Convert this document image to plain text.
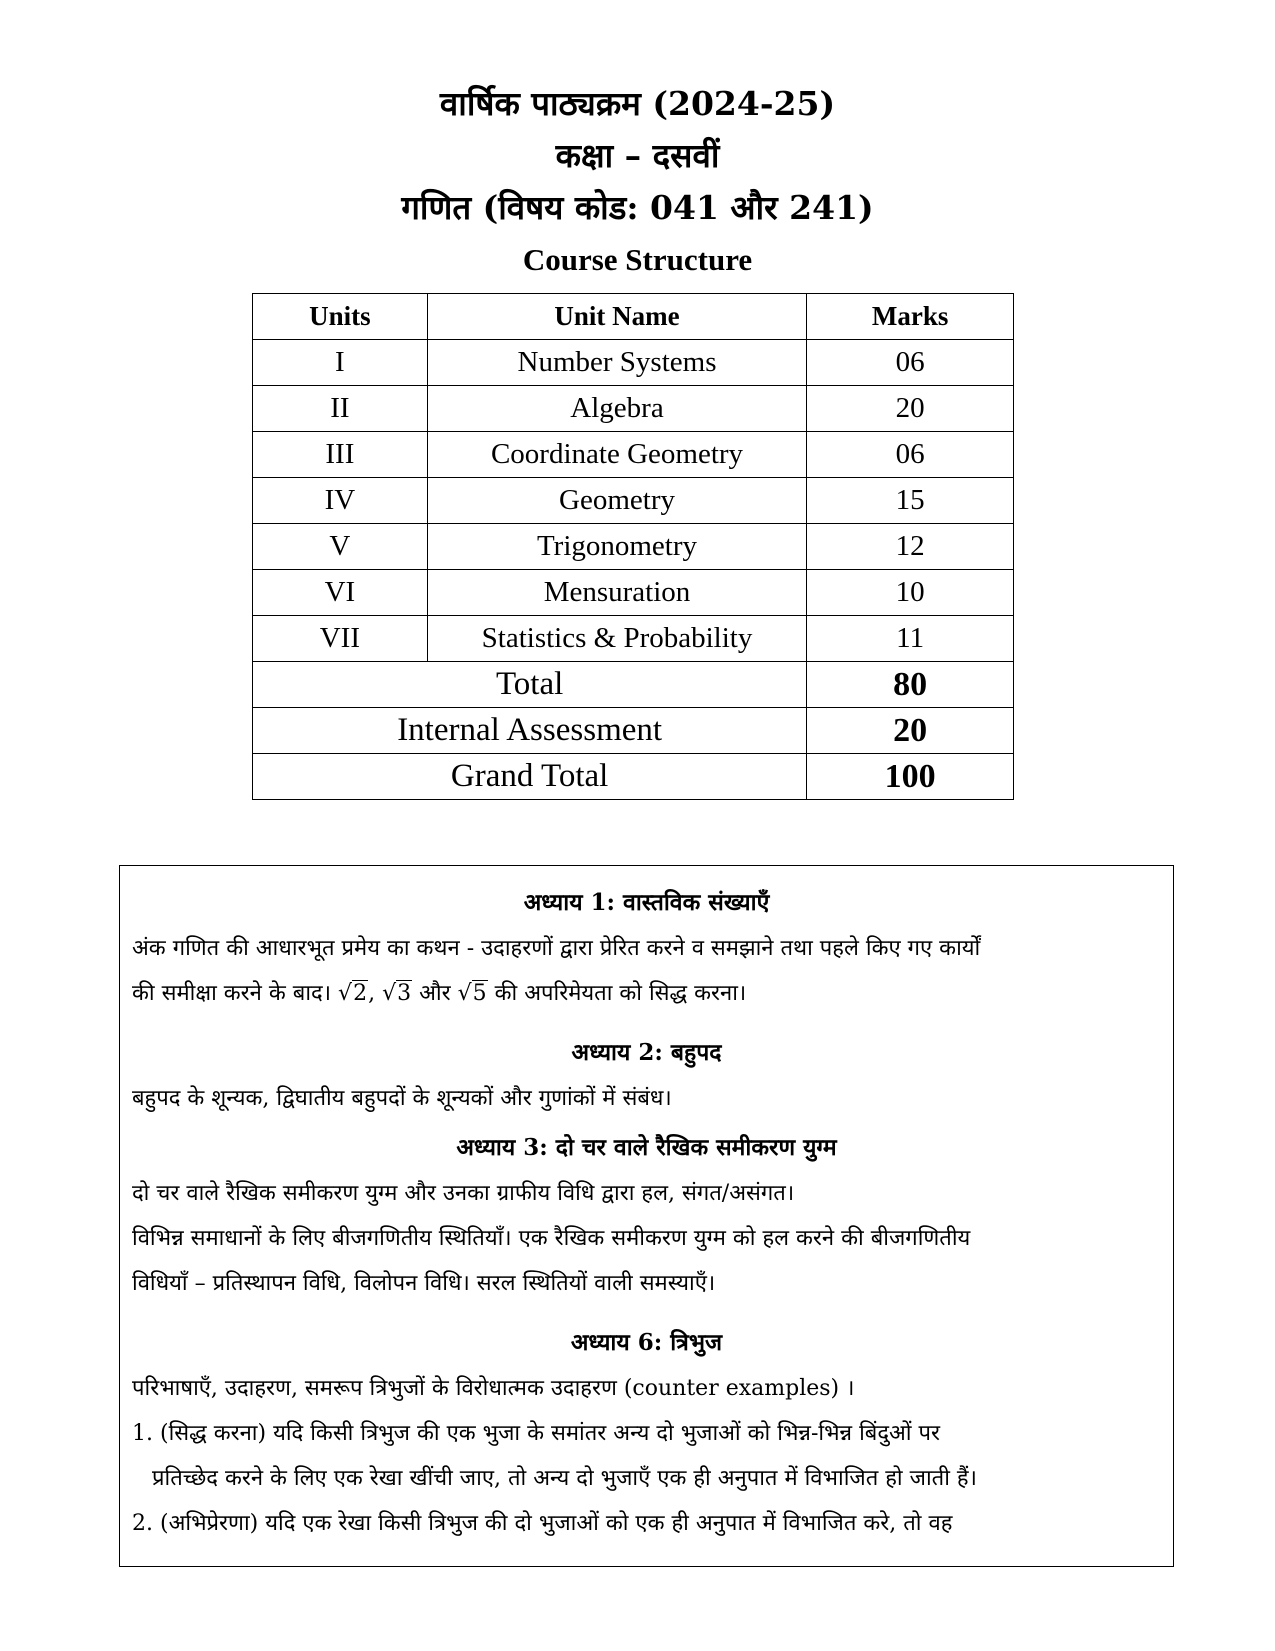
वार्षिक पाठ्यक्रम (2024-25)
कक्षा – दसवीं
गणित (विषय कोड: 041 और 241)
Course Structure
Units	Unit Name	Marks
I	Number Systems	06
II	Algebra	20
III	Coordinate Geometry	06
IV	Geometry	15
V	Trigonometry	12
VI	Mensuration	10
VII	Statistics & Probability	11
Total		80
Internal Assessment		20
Grand Total		100
अध्याय 1: वास्तविक संख्याएँ
अंक गणित की आधारभूत प्रमेय का कथन - उदाहरणों द्वारा प्रेरित करने व समझाने तथा पहले किए गए कार्यों
की समीक्षा करने के बाद। √2, √3 और √5 की अपरिमेयता को सिद्ध करना।
अध्याय 2: बहुपद
बहुपद के शून्यक, द्विघातीय बहुपदों के शून्यकों और गुणांकों में संबंध।
अध्याय 3: दो चर वाले रैखिक समीकरण युग्म
दो चर वाले रैखिक समीकरण युग्म और उनका ग्राफीय विधि द्वारा हल, संगत/असंगत।
विभिन्न समाधानों के लिए बीजगणितीय स्थितियाँ। एक रैखिक समीकरण युग्म को हल करने की बीजगणितीय
विधियाँ – प्रतिस्थापन विधि, विलोपन विधि। सरल स्थितियों वाली समस्याएँ।
अध्याय 6: त्रिभुज
परिभाषाएँ, उदाहरण, समरूप त्रिभुजों के विरोधात्मक उदाहरण (counter examples) ।
1. (सिद्ध करना) यदि किसी त्रिभुज की एक भुजा के समांतर अन्य दो भुजाओं को भिन्न-भिन्न बिंदुओं पर
प्रतिच्छेद करने के लिए एक रेखा खींची जाए, तो अन्य दो भुजाएँ एक ही अनुपात में विभाजित हो जाती हैं।
2. (अभिप्रेरणा) यदि एक रेखा किसी त्रिभुज की दो भुजाओं को एक ही अनुपात में विभाजित करे, तो वह
